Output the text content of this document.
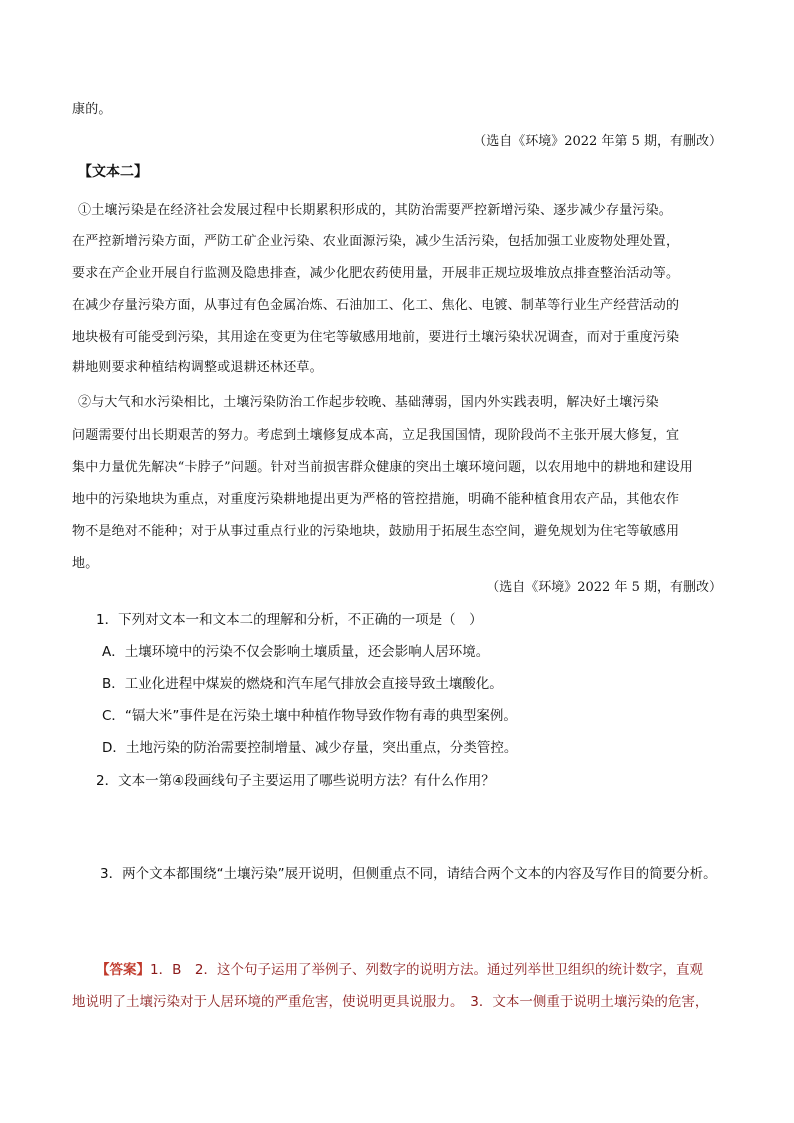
康的。
（选自《环境》2022 年第 5 期，有删改）
【文本二】
①土壤污染是在经济社会发展过程中长期累积形成的，其防治需要严控新增污染、逐步减少存量污染。
在严控新增污染方面，严防工矿企业污染、农业面源污染，减少生活污染，包括加强工业废物处理处置，
要求在产企业开展自行监测及隐患排查，减少化肥农药使用量，开展非正规垃圾堆放点排查整治活动等。
在减少存量污染方面，从事过有色金属冶炼、石油加工、化工、焦化、电镀、制革等行业生产经营活动的
地块极有可能受到污染，其用途在变更为住宅等敏感用地前，要进行土壤污染状况调查，而对于重度污染
耕地则要求种植结构调整或退耕还林还草。
②与大气和水污染相比，土壤污染防治工作起步较晚、基础薄弱，国内外实践表明，解决好土壤污染
问题需要付出长期艰苦的努力。考虑到土壤修复成本高，立足我国国情，现阶段尚不主张开展大修复，宜
集中力量优先解决“卡脖子”问题。针对当前损害群众健康的突出土壤环境问题，以农用地中的耕地和建设用
地中的污染地块为重点，对重度污染耕地提出更为严格的管控措施，明确不能种植食用农产品，其他农作
物不是绝对不能种；对于从事过重点行业的污染地块，鼓励用于拓展生态空间，避免规划为住宅等敏感用
地。
（选自《环境》2022 年 5 期，有删改）
1．下列对文本一和文本二的理解和分析，不正确的一项是（　）
A．土壤环境中的污染不仅会影响土壤质量，还会影响人居环境。
B．工业化进程中煤炭的燃烧和汽车尾气排放会直接导致土壤酸化。
C．“镉大米”事件是在污染土壤中种植作物导致作物有毒的典型案例。
D．土地污染的防治需要控制增量、减少存量，突出重点，分类管控。
2．文本一第④段画线句子主要运用了哪些说明方法？有什么作用？
3．两个文本都围绕“土壤污染”展开说明，但侧重点不同，请结合两个文本的内容及写作目的简要分析。
【答案】1．B　2．这个句子运用了举例子、列数字的说明方法。通过列举世卫组织的统计数字，直观
地说明了土壤污染对于人居环境的严重危害，使说明更具说服力。　3．文本一侧重于说明土壤污染的危害，
